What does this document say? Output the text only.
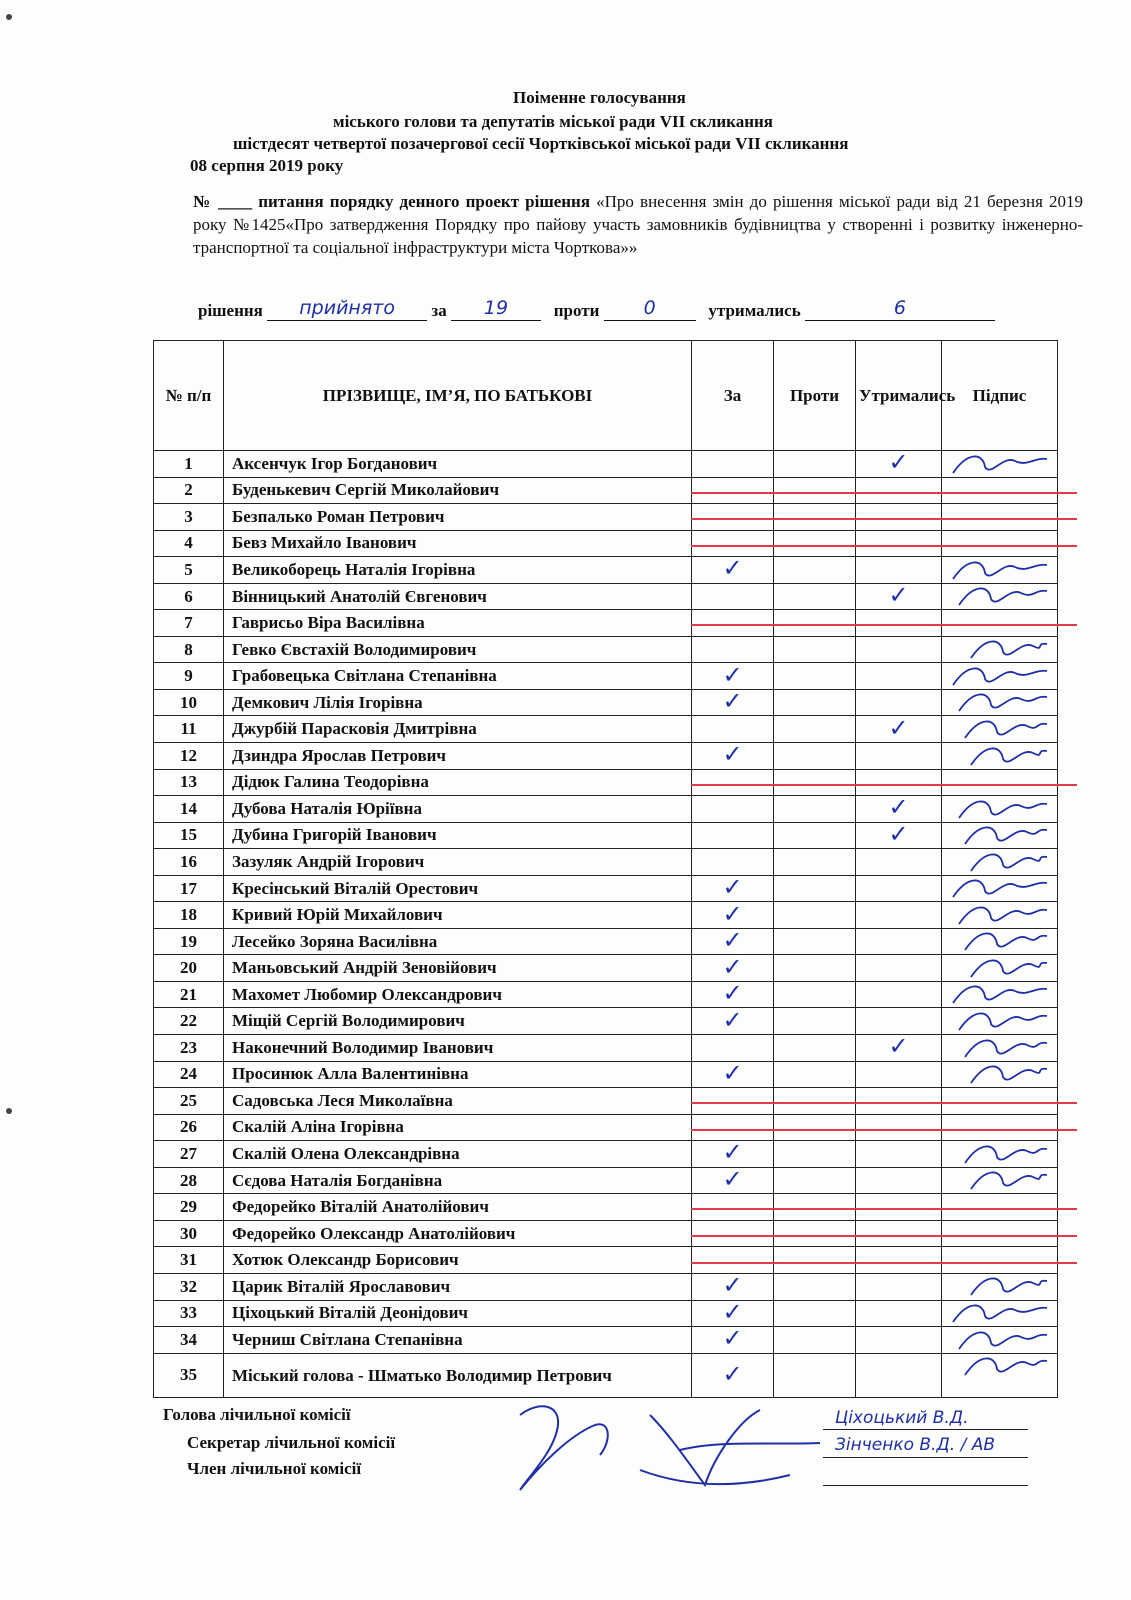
Поіменне голосування
міського голови та депутатів міської ради VII скликання
шістдесят четвертої позачергової сесії Чортківської міської ради VII скликання
08 серпня 2019 року
№ ____ питання порядку денного проект рішення «Про внесення змін до рішення міської ради від 21 березня 2019 року №1425«Про затвердження Порядку про пайову участь замовників будівництва у створенні і розвитку інженерно-транспортної та соціальної інфраструктури міста Чорткова»»
рішення	прийнято	за	19	проти	0	утримались	6
№ п/п	ПРІЗВИЩЕ, ІМ’Я, ПО БАТЬКОВІ	За	Проти	Утримались	Підпис
1	Аксенчук Ігор Богданович			✓	
2	Буденькевич Сергій Миколайович				
3	Безпалько Роман Петрович				
4	Бевз Михайло Іванович				
5	Великоборець Наталія Ігорівна	✓			
6	Вінницький Анатолій Євгенович			✓	
7	Гаврисьо Віра Василівна				
8	Гевко Євстахій Володимирович				
9	Грабовецька Світлана Степанівна	✓			
10	Демкович Лілія Ігорівна	✓			
11	Джурбій Парасковія Дмитрівна			✓	
12	Дзиндра Ярослав Петрович	✓			
13	Дідюк Галина Теодорівна				
14	Дубова Наталія Юріївна			✓	
15	Дубина Григорій Іванович			✓	
16	Зазуляк Андрій Ігорович				
17	Кресінський Віталій Орестович	✓			
18	Кривий Юрій Михайлович	✓			
19	Лесейко Зоряна Василівна	✓			
20	Маньовський Андрій Зеновійович	✓			
21	Махомет Любомир Олександрович	✓			
22	Міщій Сергій Володимирович	✓			
23	Наконечний Володимир Іванович			✓	
24	Просинюк Алла Валентинівна	✓			
25	Садовська Леся Миколаївна				
26	Скалій Аліна Ігорівна				
27	Скалій Олена Олександрівна	✓			
28	Сєдова Наталія Богданівна	✓			
29	Федорейко Віталій Анатолійович				
30	Федорейко Олександр Анатолійович				
31	Хотюк Олександр Борисович				
32	Царик Віталій Ярославович	✓			
33	Ціхоцький Віталій Деонідович	✓			
34	Черниш Світлана Степанівна	✓			
35	Міський голова - Шматько Володимир Петрович	✓			
Голова лічильної комісії
Секретар лічильної комісії
Член лічильної комісії
Ціхоцький В.Д.
Зінченко В.Д. / АВ
